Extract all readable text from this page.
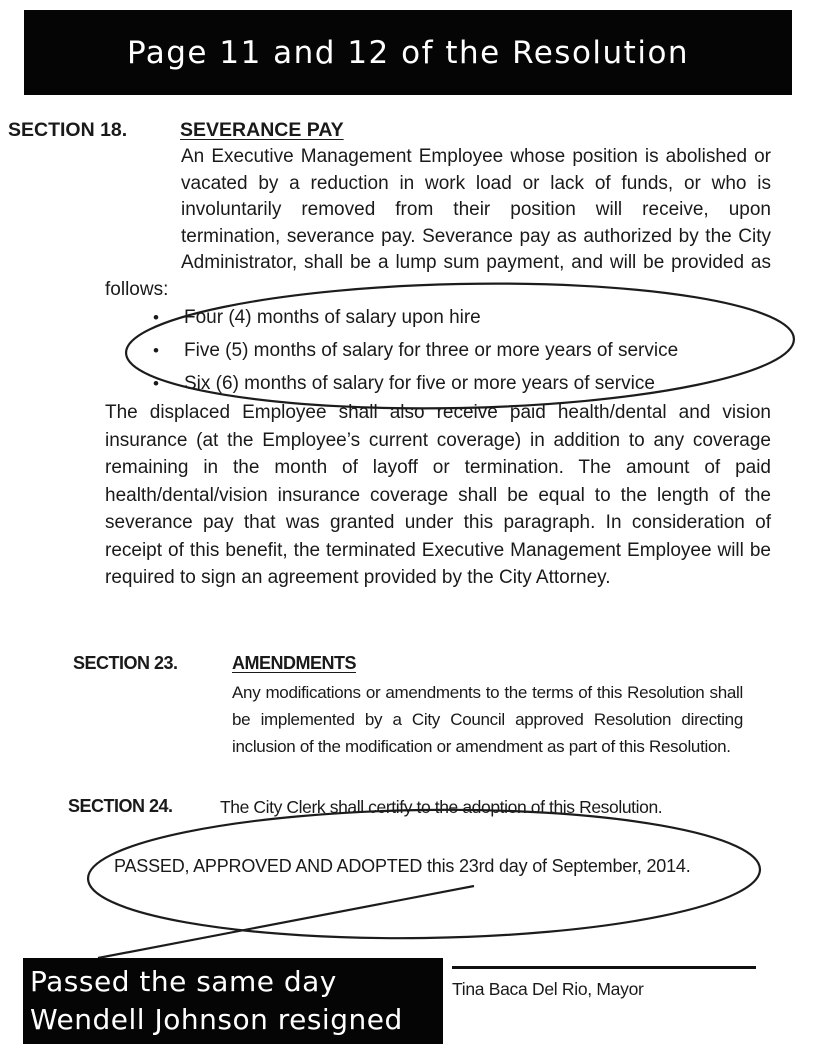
Page 11 and 12 of the Resolution
SECTION 18.	SEVERANCE PAY
An Executive Management Employee whose position is abolished or vacated by a reduction in work load or lack of funds, or who is involuntarily removed from their position will receive, upon termination, severance pay. Severance pay as authorized by the City Administrator, shall be a lump sum payment, and will be provided as follows:
•	Four (4) months of salary upon hire
•	Five (5) months of salary for three or more years of service
•	Six (6) months of salary for five or more years of service
The displaced Employee shall also receive paid health/dental and vision insurance (at the Employee’s current coverage) in addition to any coverage remaining in the month of layoff or termination. The amount of paid health/dental/vision insurance coverage shall be equal to the length of the severance pay that was granted under this paragraph. In consideration of receipt of this benefit, the terminated Executive Management Employee will be required to sign an agreement provided by the City Attorney.
SECTION 23.	AMENDMENTS
Any modifications or amendments to the terms of this Resolution shall be implemented by a City Council approved Resolution directing inclusion of the modification or amendment as part of this Resolution.
SECTION 24.	The City Clerk shall certify to the adoption of this Resolution.
PASSED, APPROVED AND ADOPTED this 23rd day of September, 2014.
Passed the same day
Wendell Johnson resigned
Tina Baca Del Rio, Mayor
